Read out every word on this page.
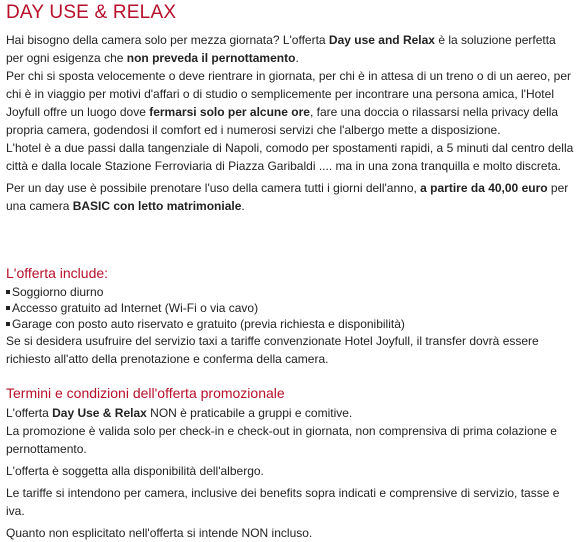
DAY USE & RELAX

Hai bisogno della camera solo per mezza giornata? L'offerta Day use and Relax è la soluzione perfetta per ogni esigenza che non preveda il pernottamento.

Per chi si sposta velocemente o deve rientrare in giornata, per chi è in attesa di un treno o di un aereo, per chi è in viaggio per motivi d'affari o di studio o semplicemente per incontrare una persona amica, l'Hotel Joyfull offre un luogo dove fermarsi solo per alcune ore, fare una doccia o rilassarsi nella privacy della propria camera, godendosi il comfort ed i numerosi servizi che l'albergo mette a disposizione.

L'hotel è a due passi dalla tangenziale di Napoli, comodo per spostamenti rapidi, a 5 minuti dal centro della città e dalla locale Stazione Ferroviaria di Piazza Garibaldi .... ma in una zona tranquilla e molto discreta.

Per un day use è possibile prenotare l'uso della camera tutti i giorni dell'anno, a partire da 40,00 euro per una camera BASIC con letto matrimoniale.

L'offerta include:

Soggiorno diurno

Accesso gratuito ad Internet (Wi-Fi o via cavo)

Garage con posto auto riservato e gratuito (previa richiesta e disponibilità)

Se si desidera usufruire del servizio taxi a tariffe convenzionate Hotel Joyfull, il transfer dovrà essere richiesto all'atto della prenotazione e conferma della camera.

Termini e condizioni dell'offerta promozionale

L'offerta Day Use & Relax NON è praticabile a gruppi e comitive.

La promozione è valida solo per check-in e check-out in giornata, non comprensiva di prima colazione e pernottamento.

L'offerta è soggetta alla disponibilità dell'albergo.

Le tariffe si intendono per camera, inclusive dei benefits sopra indicati e comprensive di servizio, tasse e iva.

Quanto non esplicitato nell'offerta si intende NON incluso.
